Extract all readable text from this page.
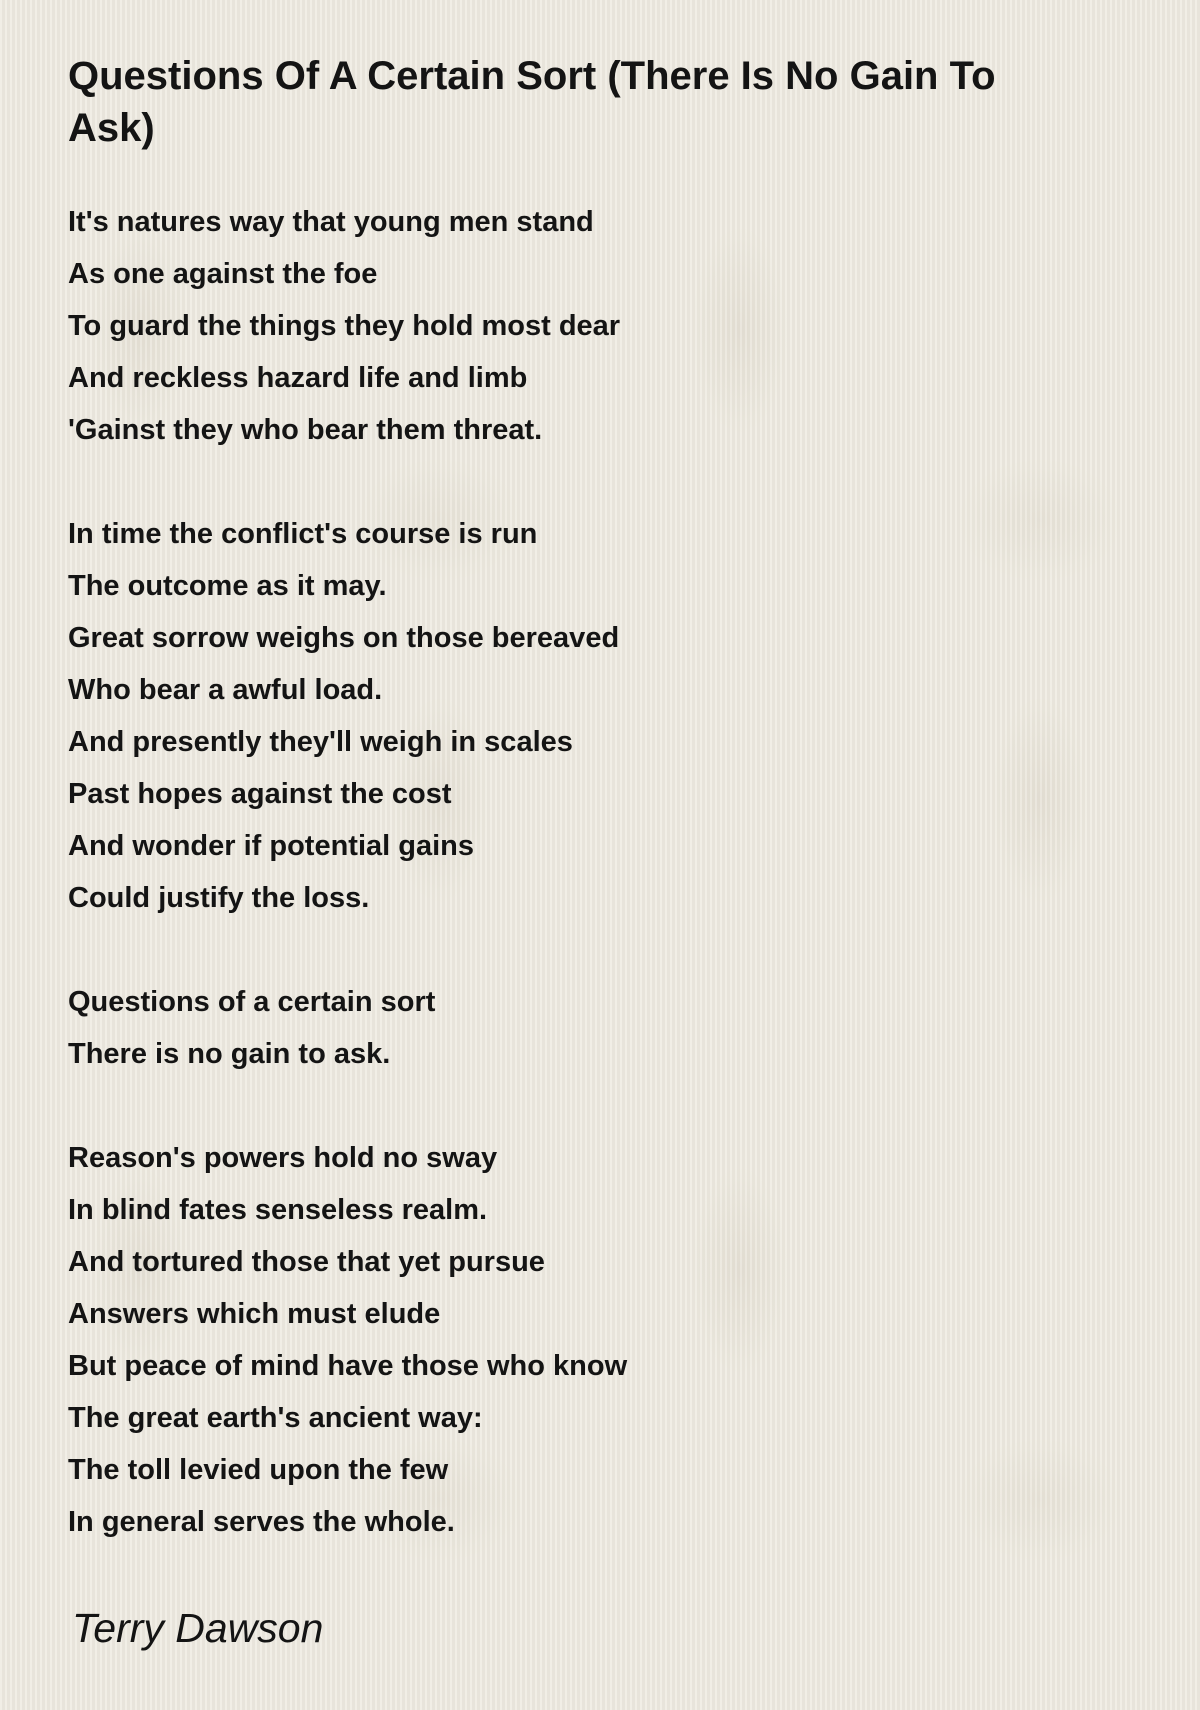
Questions Of A Certain Sort (There Is No Gain To Ask)
It's natures way that young men stand
As one against the foe
To guard the things they hold most dear
And reckless hazard life and limb
'Gainst they who bear them threat.
In time the conflict's course is run
The outcome as it may.
Great sorrow weighs on those bereaved
Who bear a awful load.
And presently they'll weigh in scales
Past hopes against the cost
And wonder if potential gains
Could justify the loss.
Questions of a certain sort
There is no gain to ask.
Reason's powers hold no sway
In blind fates senseless realm.
And tortured those that yet pursue
Answers which must elude
But peace of mind have those who know
The great earth's ancient way:
The toll levied upon the few
In general serves the whole.
Terry Dawson
